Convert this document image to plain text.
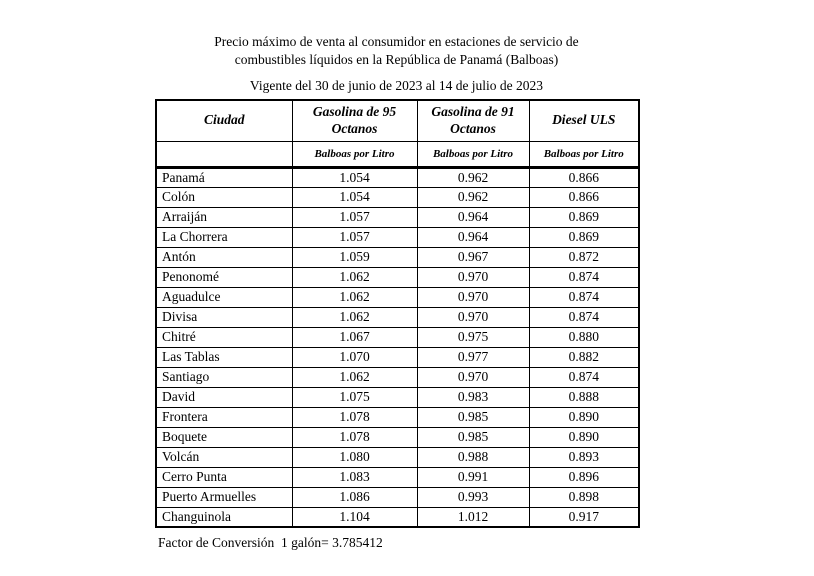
Precio máximo de venta al consumidor en estaciones de servicio de
combustibles líquidos en la República de Panamá (Balboas)
Vigente del 30 de junio de 2023 al 14 de julio de 2023
Ciudad	Gasolina de 95 Octanos	Gasolina de 91 Octanos	Diesel ULS
	Balboas por Litro	Balboas por Litro	Balboas por Litro
Panamá	1.054	0.962	0.866
Colón	1.054	0.962	0.866
Arraiján	1.057	0.964	0.869
La Chorrera	1.057	0.964	0.869
Antón	1.059	0.967	0.872
Penonomé	1.062	0.970	0.874
Aguadulce	1.062	0.970	0.874
Divisa	1.062	0.970	0.874
Chitré	1.067	0.975	0.880
Las Tablas	1.070	0.977	0.882
Santiago	1.062	0.970	0.874
David	1.075	0.983	0.888
Frontera	1.078	0.985	0.890
Boquete	1.078	0.985	0.890
Volcán	1.080	0.988	0.893
Cerro Punta	1.083	0.991	0.896
Puerto Armuelles	1.086	0.993	0.898
Changuinola	1.104	1.012	0.917
Factor de Conversión  1 galón= 3.785412
